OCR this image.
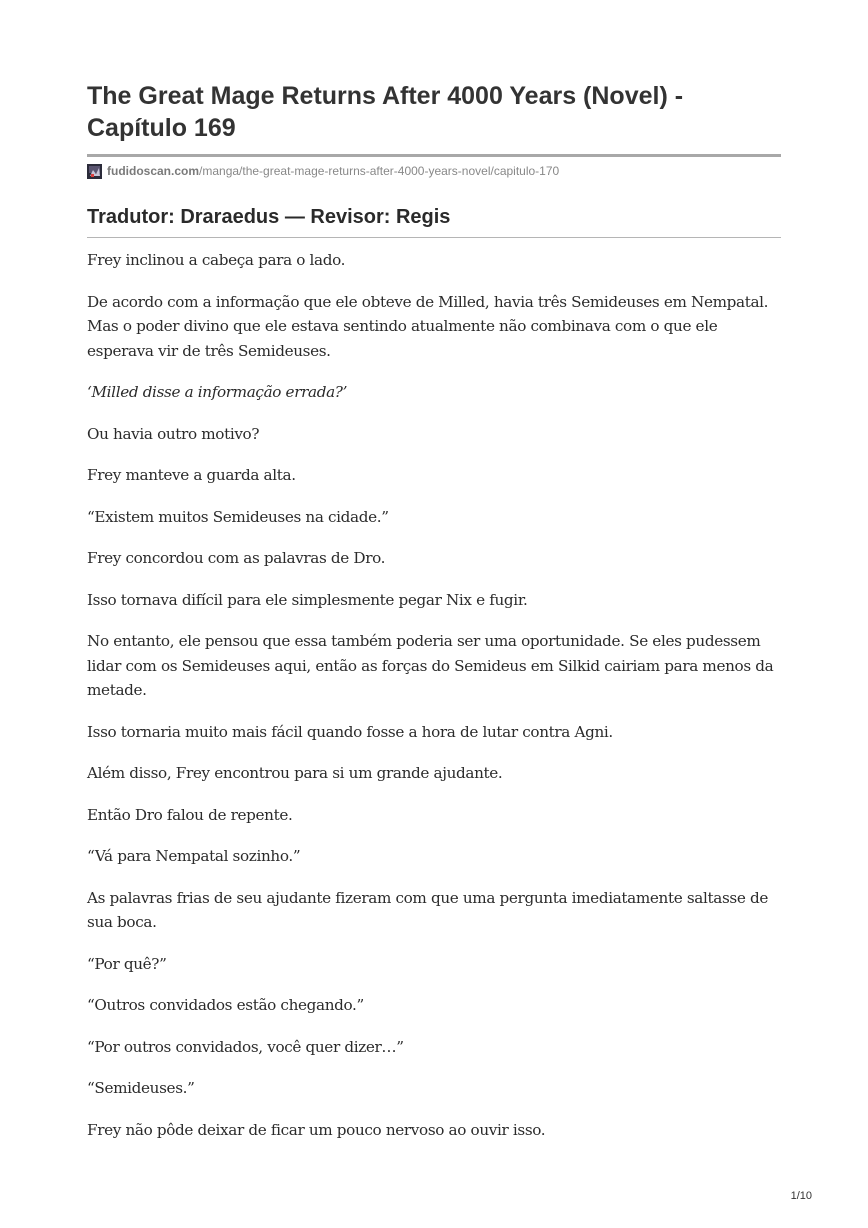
The Great Mage Returns After 4000 Years (Novel) - Capítulo 169
fudidoscan.com /manga/the-great-mage-returns-after-4000-years-novel/capitulo-170
Tradutor: Draraedus — Revisor: Regis

Frey inclinou a cabeça para o lado.

De acordo com a informação que ele obteve de Milled, havia três Semideuses em Nempatal. Mas o poder divino que ele estava sentindo atualmente não combinava com o que ele esperava vir de três Semideuses.

‘Milled disse a informação errada?’

Ou havia outro motivo?

Frey manteve a guarda alta.

“Existem muitos Semideuses na cidade.”

Frey concordou com as palavras de Dro.

Isso tornava difícil para ele simplesmente pegar Nix e fugir.

No entanto, ele pensou que essa também poderia ser uma oportunidade. Se eles pudessem lidar com os Semideuses aqui, então as forças do Semideus em Silkid cairiam para menos da metade.

Isso tornaria muito mais fácil quando fosse a hora de lutar contra Agni.

Além disso, Frey encontrou para si um grande ajudante.

Então Dro falou de repente.

“Vá para Nempatal sozinho.”

As palavras frias de seu ajudante fizeram com que uma pergunta imediatamente saltasse de sua boca.

“Por quê?”

“Outros convidados estão chegando.”

“Por outros convidados, você quer dizer…”

“Semideuses.”

Frey não pôde deixar de ficar um pouco nervoso ao ouvir isso.

1/10
